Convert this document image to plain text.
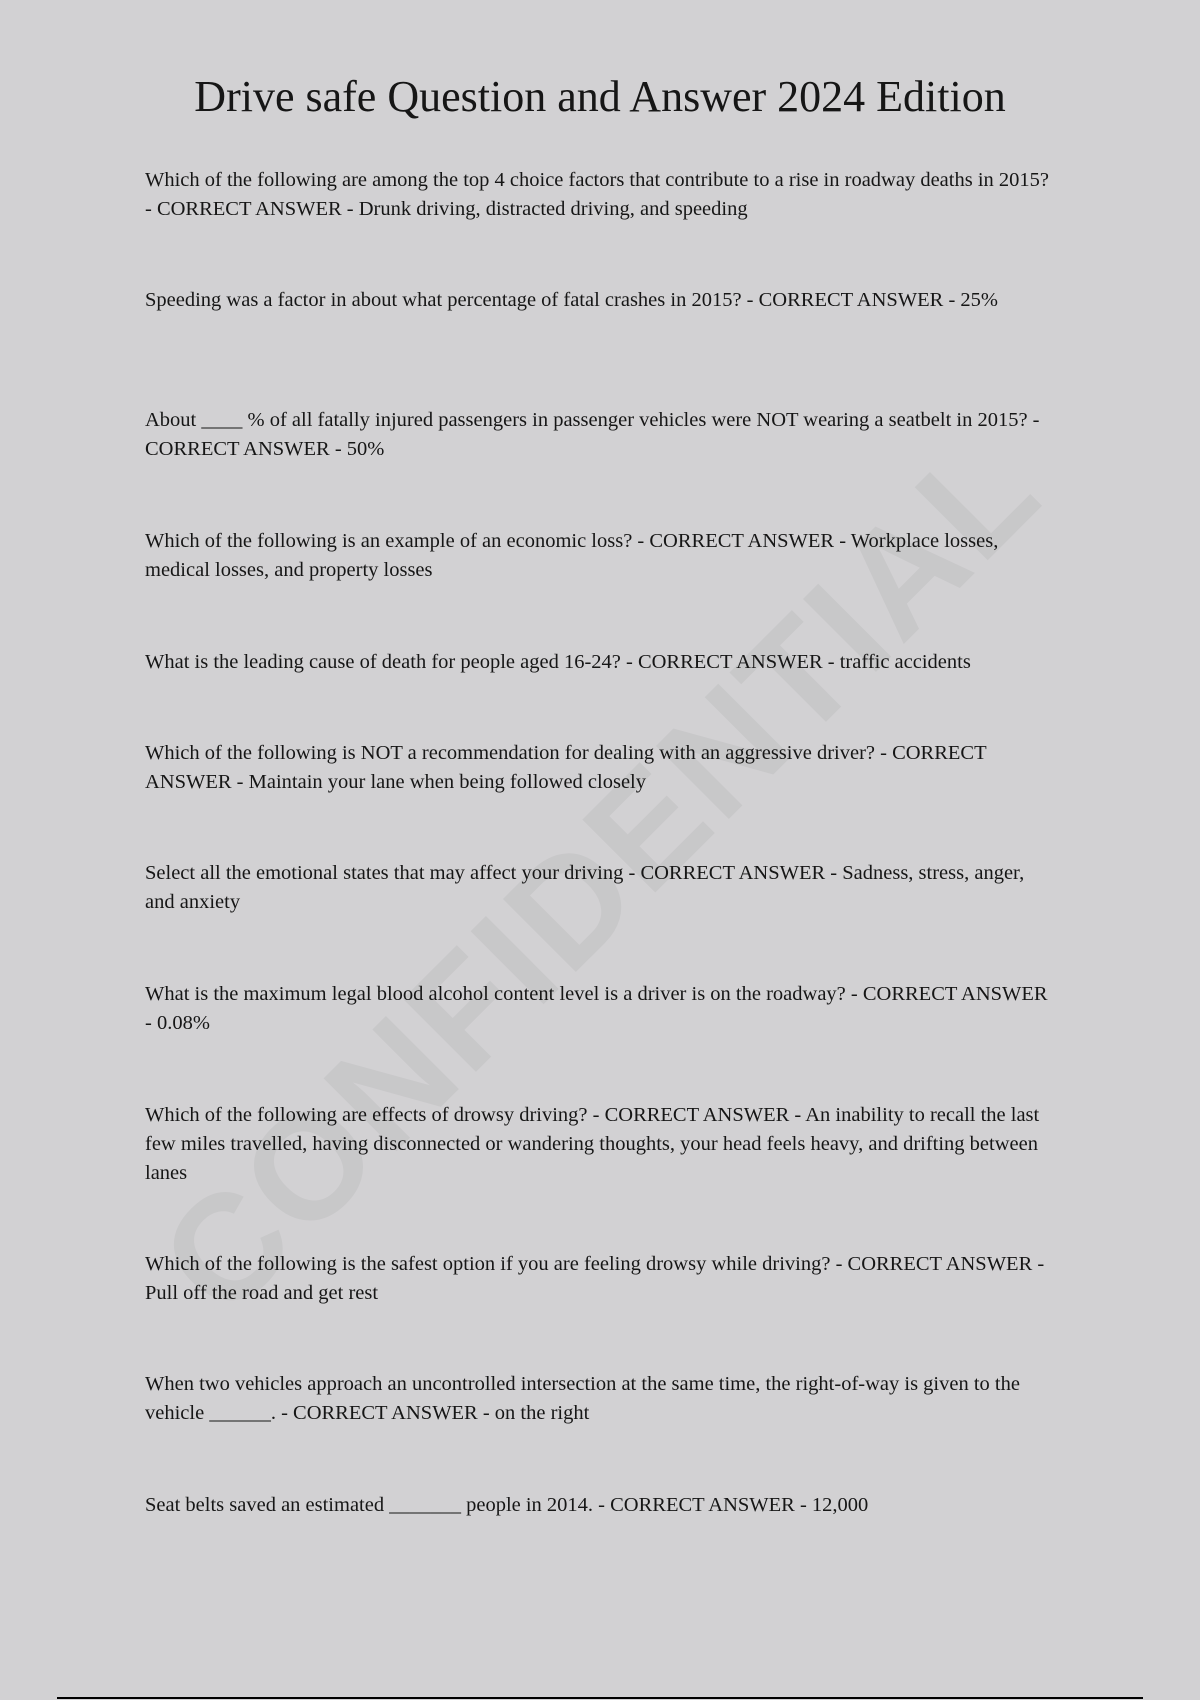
Drive safe Question and Answer 2024 Edition

Which of the following are among the top 4 choice factors that contribute to a rise in roadway deaths in 2015? - CORRECT ANSWER - Drunk driving, distracted driving, and speeding

Speeding was a factor in about what percentage of fatal crashes in 2015? - CORRECT ANSWER - 25%

About ____ % of all fatally injured passengers in passenger vehicles were NOT wearing a seatbelt in 2015? - CORRECT ANSWER - 50%

Which of the following is an example of an economic loss? - CORRECT ANSWER - Workplace losses, medical losses, and property losses

What is the leading cause of death for people aged 16-24? - CORRECT ANSWER - traffic accidents

Which of the following is NOT a recommendation for dealing with an aggressive driver? - CORRECT ANSWER - Maintain your lane when being followed closely

Select all the emotional states that may affect your driving - CORRECT ANSWER - Sadness, stress, anger, and anxiety

What is the maximum legal blood alcohol content level is a driver is on the roadway? - CORRECT ANSWER - 0.08%

Which of the following are effects of drowsy driving? - CORRECT ANSWER - An inability to recall the last few miles travelled, having disconnected or wandering thoughts, your head feels heavy, and drifting between lanes

Which of the following is the safest option if you are feeling drowsy while driving? - CORRECT ANSWER - Pull off the road and get rest

When two vehicles approach an uncontrolled intersection at the same time, the right-of-way is given to the vehicle ______. - CORRECT ANSWER - on the right

Seat belts saved an estimated _______ people in 2014. - CORRECT ANSWER - 12,000
